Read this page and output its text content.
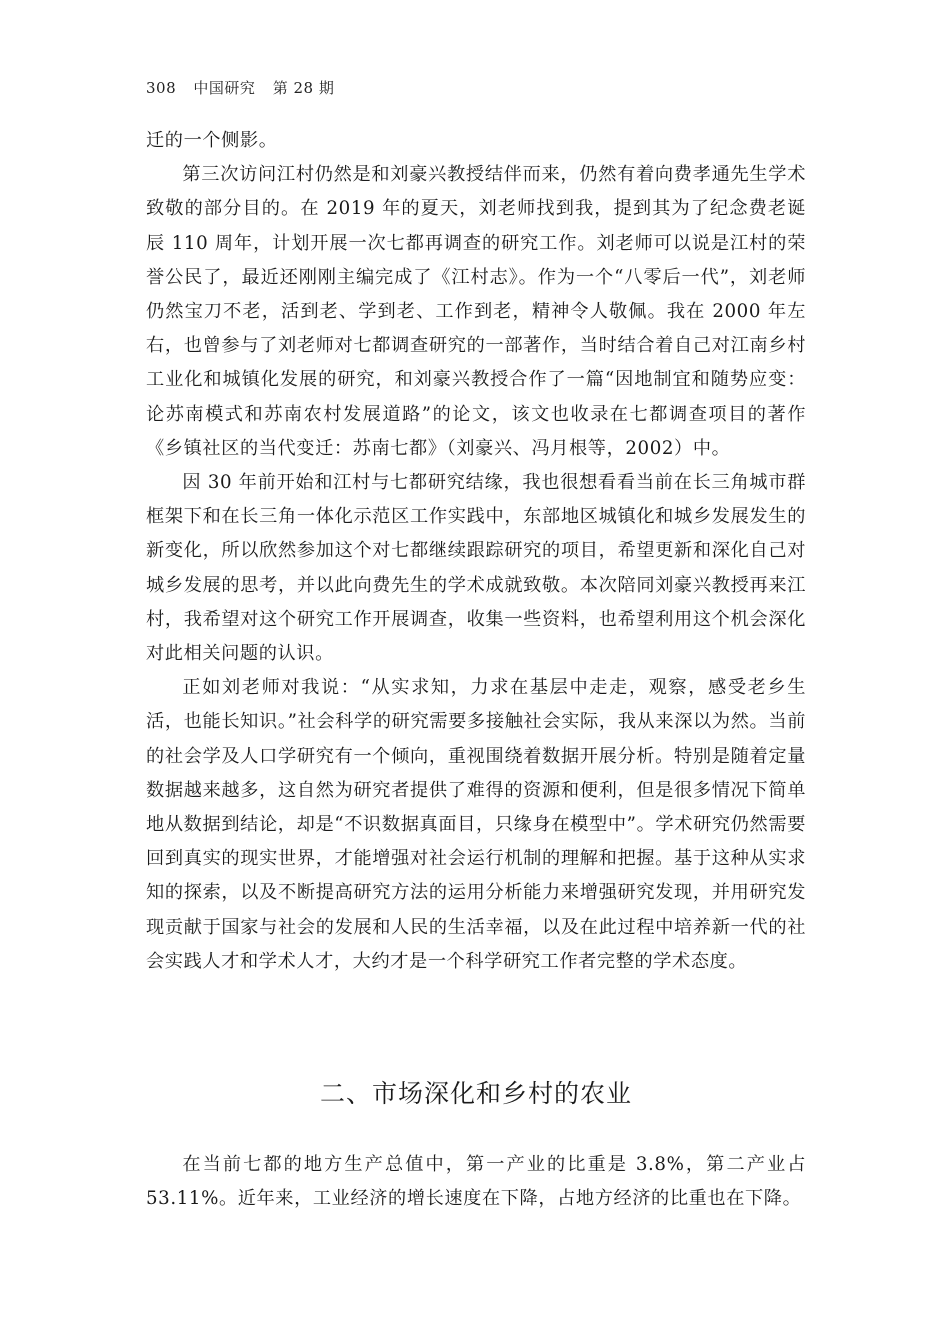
308 中国研究 第 28 期

迁的一个侧影。

第三次访问江村仍然是和刘豪兴教授结伴而来，仍然有着向费孝通先生学术致敬的部分目的。在 2019 年的夏天，刘老师找到我，提到其为了纪念费老诞辰 110 周年，计划开展一次七都再调查的研究工作。刘老师可以说是江村的荣誉公民了，最近还刚刚主编完成了《江村志》。作为一个“八零后一代”，刘老师仍然宝刀不老，活到老、学到老、工作到老，精神令人敬佩。我在 2000 年左右，也曾参与了刘老师对七都调查研究的一部著作，当时结合着自己对江南乡村工业化和城镇化发展的研究，和刘豪兴教授合作了一篇“因地制宜和随势应变：论苏南模式和苏南农村发展道路”的论文，该文也收录在七都调查项目的著作《乡镇社区的当代变迁：苏南七都》（刘豪兴、冯月根等，2002）中。

因 30 年前开始和江村与七都研究结缘，我也很想看看当前在长三角城市群框架下和在长三角一体化示范区工作实践中，东部地区城镇化和城乡发展发生的新变化，所以欣然参加这个对七都继续跟踪研究的项目，希望更新和深化自己对城乡发展的思考，并以此向费先生的学术成就致敬。本次陪同刘豪兴教授再来江村，我希望对这个研究工作开展调查，收集一些资料，也希望利用这个机会深化对此相关问题的认识。

正如刘老师对我说：“从实求知，力求在基层中走走，观察，感受老乡生活，也能长知识。”社会科学的研究需要多接触社会实际，我从来深以为然。当前的社会学及人口学研究有一个倾向，重视围绕着数据开展分析。特别是随着定量数据越来越多，这自然为研究者提供了难得的资源和便利，但是很多情况下简单地从数据到结论，却是“不识数据真面目，只缘身在模型中”。学术研究仍然需要回到真实的现实世界，才能增强对社会运行机制的理解和把握。基于这种从实求知的探索，以及不断提高研究方法的运用分析能力来增强研究发现，并用研究发现贡献于国家与社会的发展和人民的生活幸福，以及在此过程中培养新一代的社会实践人才和学术人才，大约才是一个科学研究工作者完整的学术态度。

二、市场深化和乡村的农业

在当前七都的地方生产总值中，第一产业的比重是 3.8%，第二产业占 53.11%。近年来，工业经济的增长速度在下降，占地方经济的比重也在下降。
